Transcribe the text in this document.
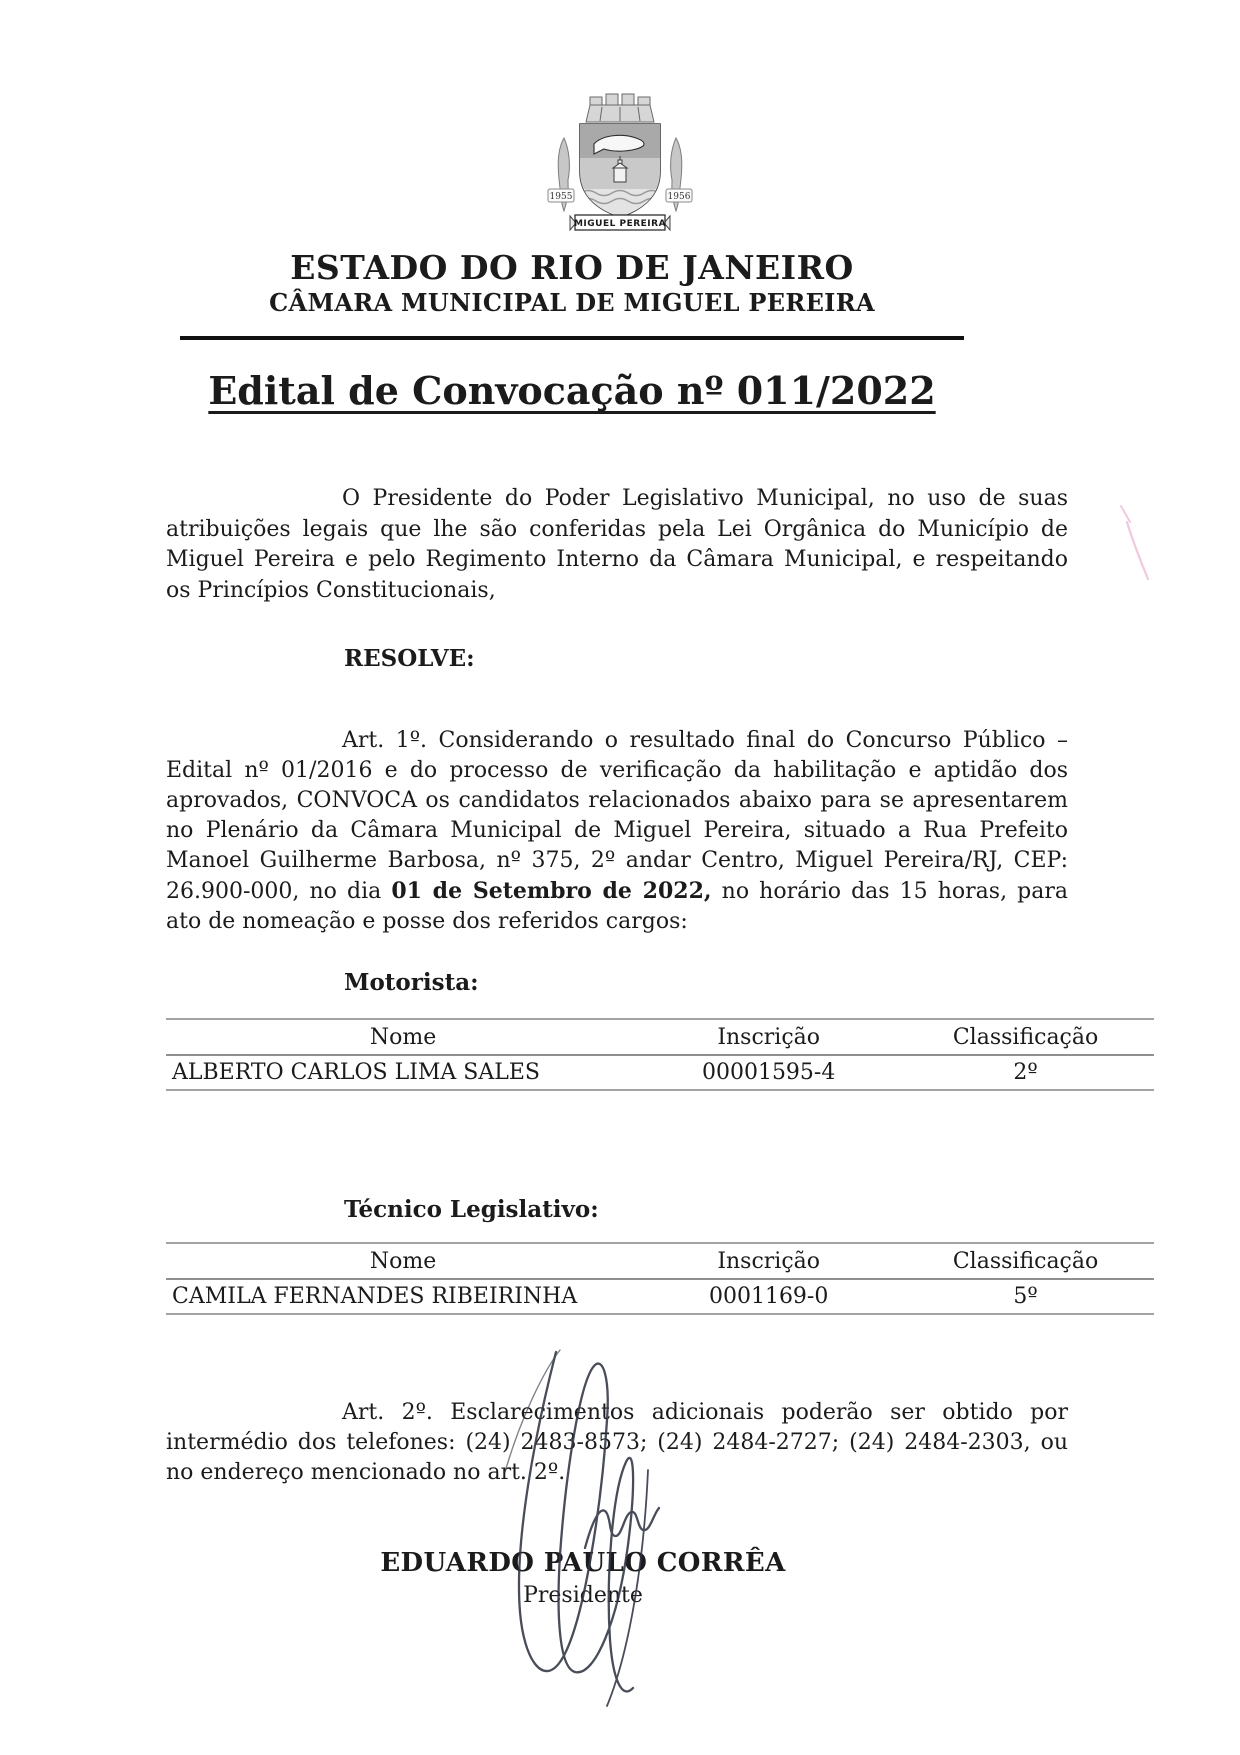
1955	1956
MIGUEL PEREIRA
ESTADO DO RIO DE JANEIRO
CÂMARA MUNICIPAL DE MIGUEL PEREIRA
Edital de Convocação nº 011/2022

O Presidente do Poder Legislativo Municipal, no uso de suas atribuições legais que lhe são conferidas pela Lei Orgânica do Município de Miguel Pereira e pelo Regimento Interno da Câmara Municipal, e respeitando os Princípios Constitucionais,

RESOLVE:

Art. 1º. Considerando o resultado final do Concurso Público – Edital nº 01/2016 e do processo de verificação da habilitação e aptidão dos aprovados, CONVOCA os candidatos relacionados abaixo para se apresentarem no Plenário da Câmara Municipal de Miguel Pereira, situado a Rua Prefeito Manoel Guilherme Barbosa, nº 375, 2º andar Centro, Miguel Pereira/RJ, CEP: 26.900-000, no dia 01 de Setembro de 2022, no horário das 15 horas, para ato de nomeação e posse dos referidos cargos:

Motorista:
Nome	Inscrição	Classificação
ALBERTO CARLOS LIMA SALES	00001595-4	2º
Técnico Legislativo:
Nome	Inscrição	Classificação
CAMILA FERNANDES RIBEIRINHA	0001169-0	5º

Art. 2º. Esclarecimentos adicionais poderão ser obtido por intermédio dos telefones: (24) 2483-8573; (24) 2484-2727; (24) 2484-2303, ou no endereço mencionado no art. 2º.

EDUARDO PAULO CORRÊA
Presidente
